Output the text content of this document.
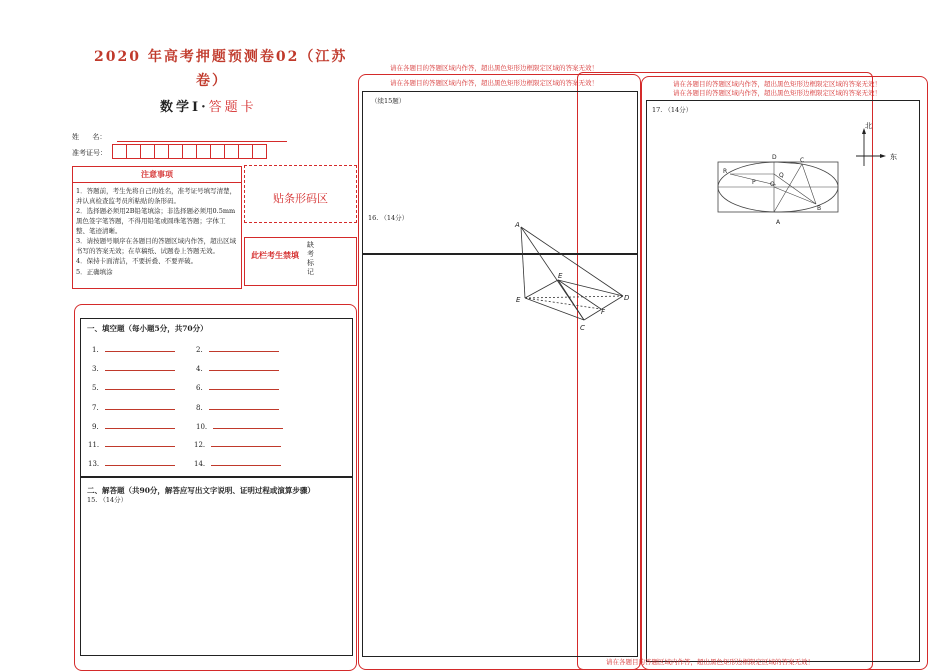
2020 年高考押题预测卷02（江苏
卷）
数学Ⅰ·答题卡
姓      名：
准考证号：
注意事项
1．答题前，考生先将自己的姓名，准考证号填写清楚，并认真检查监考员所粘贴的条形码。
2．选择题必须用2B铅笔填涂；非选择题必须用0.5mm黑色签字笔答题，不得用铅笔或圆珠笔答题；字体工整、笔迹清晰。
3．请按题号顺序在各题目的答题区域内作答，超出区域书写的答案无效；在草稿纸、试题卷上答题无效。
4．保持卡面清洁，不要折叠、不要弄破。
5．正确填涂
贴条形码区
此栏考生禁填
缺考标记
一、填空题（每小题5分，共70分）
1.	2.
3.	4.
5.	6.
7.	8.
9.	10.
11.	12.
13.	14.
二、解答题（共90分，解答应写出文字说明、证明过程或演算步骤）
15. （14分）
请在各题目的答题区域内作答，超出黑色矩形边框限定区域的答案无效！
请在各题目的答题区域内作答，超出黑色矩形边框限定区域的答案无效！
（续15题）
16. （14分）
A
E
E	D
F
C
请在各题目的答题区域内作答，超出黑色矩形边框限定区域的答案无效！
请在各题目的答题区域内作答，超出黑色矩形边框限定区域的答案无效！
17. （14分）
请在各题目的答题区域内作答，超出黑色矩形边框限定区域的答案无效！
北
东
D	C
R
P
Q
O
B
A
